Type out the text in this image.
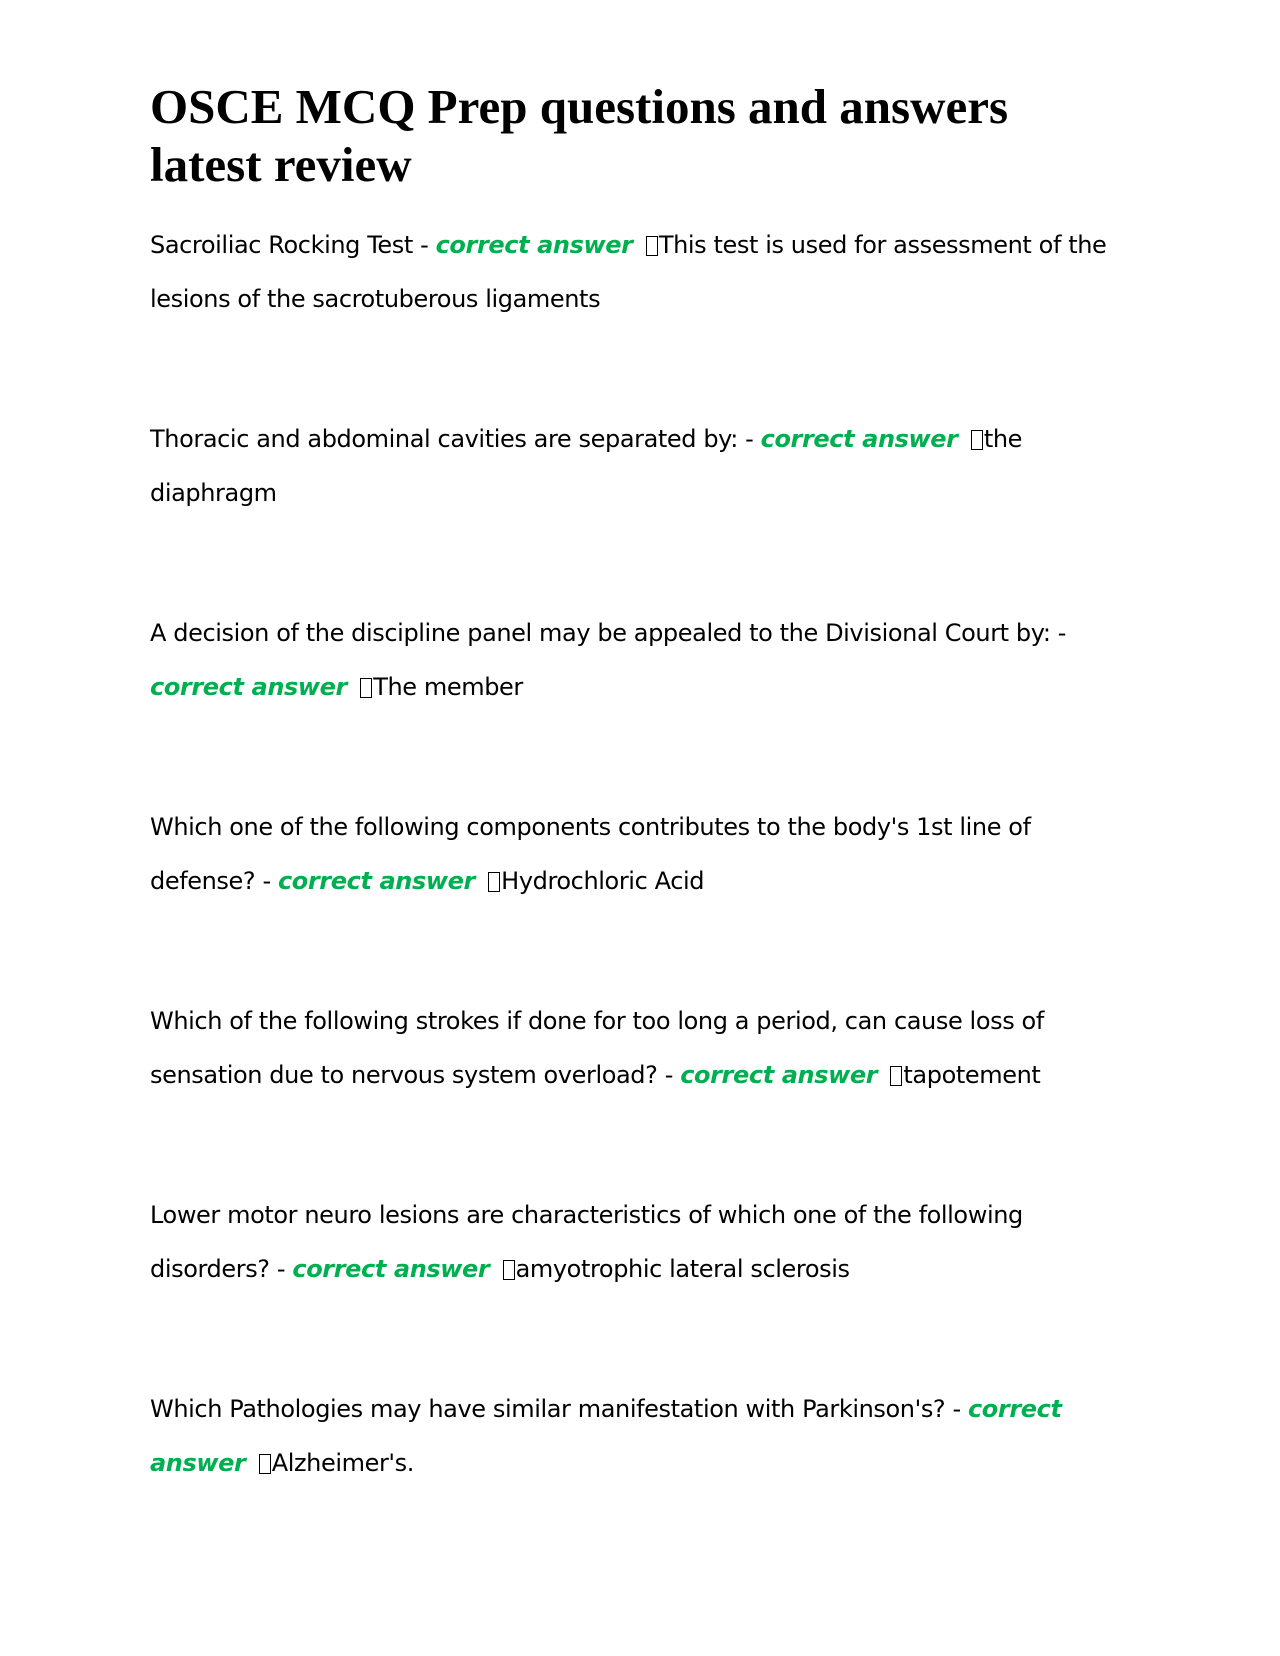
OSCE MCQ Prep questions and answers latest review

Sacroiliac Rocking Test - correct answer This test is used for assessment of the lesions of the sacrotuberous ligaments

Thoracic and abdominal cavities are separated by: - correct answer the diaphragm

A decision of the discipline panel may be appealed to the Divisional Court by: - correct answer The member

Which one of the following components contributes to the body's 1st line of defense? - correct answer Hydrochloric Acid

Which of the following strokes if done for too long a period, can cause loss of sensation due to nervous system overload? - correct answer tapotement

Lower motor neuro lesions are characteristics of which one of the following disorders? - correct answer amyotrophic lateral sclerosis

Which Pathologies may have similar manifestation with Parkinson's? - correct answer Alzheimer's.
